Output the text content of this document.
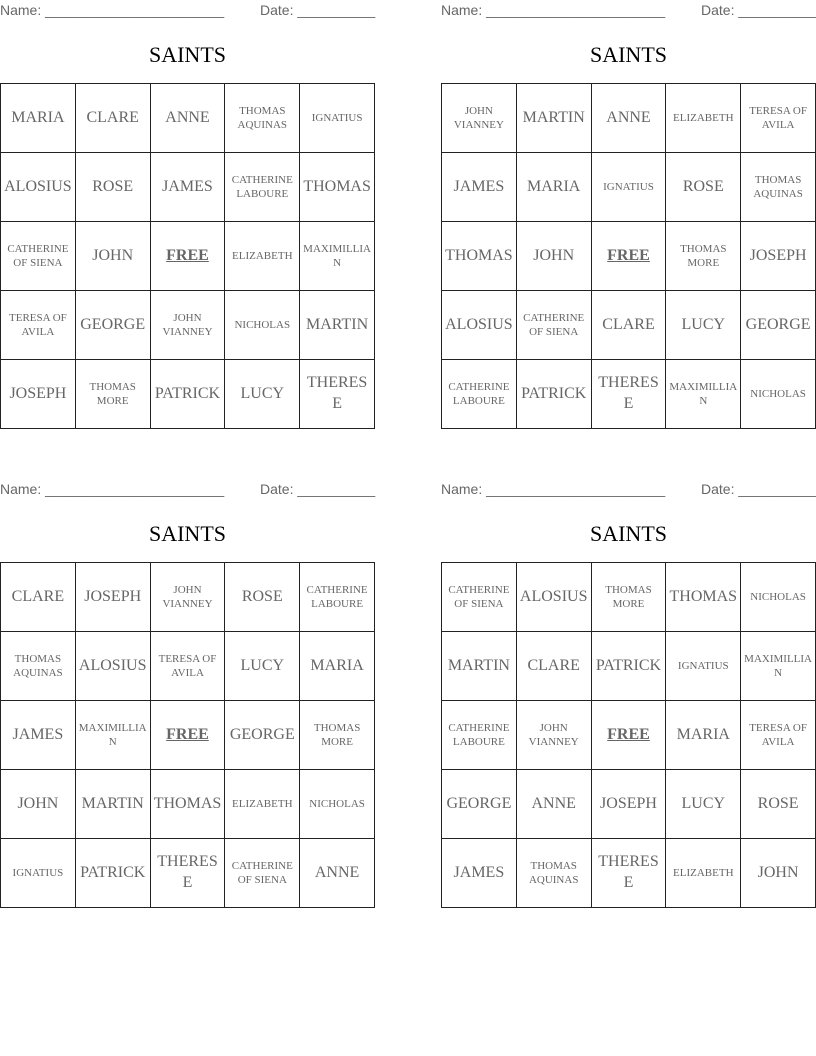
Name: _______________________	Date: __________
SAINTS
MARIA	CLARE	ANNE	THOMAS AQUINAS	IGNATIUS
ALOSIUS	ROSE	JAMES	CATHERINE LABOURE	THOMAS
CATHERINE OF SIENA	JOHN	FREE	ELIZABETH	MAXIMILLIAN
TERESA OF AVILA	GEORGE	JOHN VIANNEY	NICHOLAS	MARTIN
JOSEPH	THOMAS MORE	PATRICK	LUCY	THERESE
Name: _______________________	Date: __________
SAINTS
JOHN VIANNEY	MARTIN	ANNE	ELIZABETH	TERESA OF AVILA
JAMES	MARIA	IGNATIUS	ROSE	THOMAS AQUINAS
THOMAS	JOHN	FREE	THOMAS MORE	JOSEPH
ALOSIUS	CATHERINE OF SIENA	CLARE	LUCY	GEORGE
CATHERINE LABOURE	PATRICK	THERESE	MAXIMILLIAN	NICHOLAS
Name: _______________________	Date: __________
SAINTS
CLARE	JOSEPH	JOHN VIANNEY	ROSE	CATHERINE LABOURE
THOMAS AQUINAS	ALOSIUS	TERESA OF AVILA	LUCY	MARIA
JAMES	MAXIMILLIAN	FREE	GEORGE	THOMAS MORE
JOHN	MARTIN	THOMAS	ELIZABETH	NICHOLAS
IGNATIUS	PATRICK	THERESE	CATHERINE OF SIENA	ANNE
Name: _______________________	Date: __________
SAINTS
CATHERINE OF SIENA	ALOSIUS	THOMAS MORE	THOMAS	NICHOLAS
MARTIN	CLARE	PATRICK	IGNATIUS	MAXIMILLIAN
CATHERINE LABOURE	JOHN VIANNEY	FREE	MARIA	TERESA OF AVILA
GEORGE	ANNE	JOSEPH	LUCY	ROSE
JAMES	THOMAS AQUINAS	THERESE	ELIZABETH	JOHN
